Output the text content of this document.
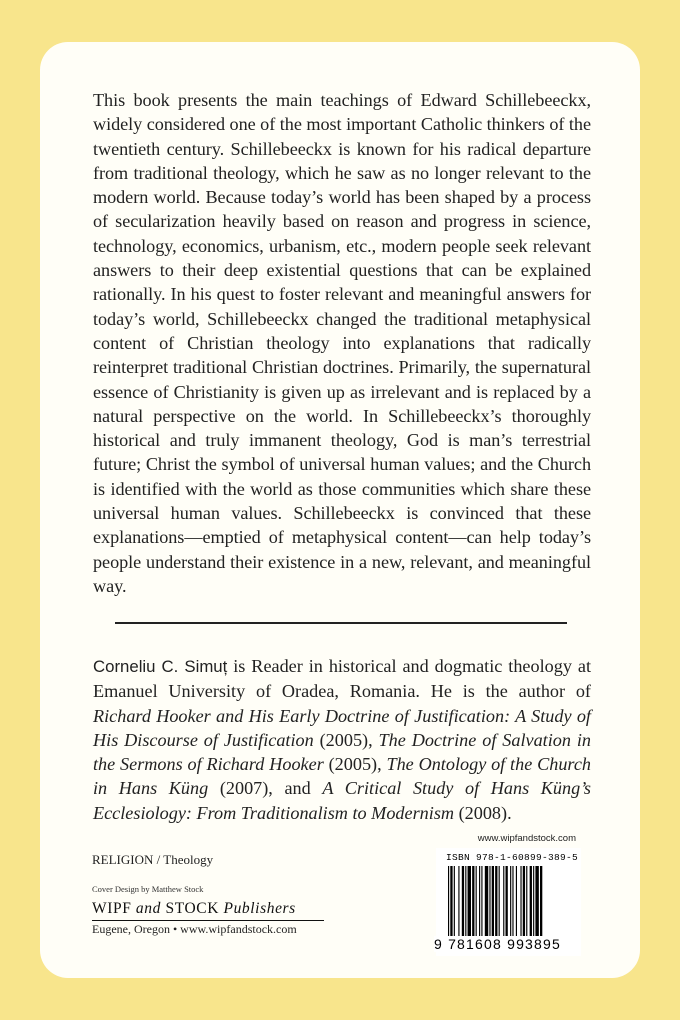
This book presents the main teachings of Edward Schillebeeckx, widely considered one of the most important Catholic thinkers of the twentieth century. Schillebeeckx is known for his radical departure from traditional theology, which he saw as no longer relevant to the modern world. Because today’s world has been shaped by a process of secularization heavily based on reason and progress in science, technology, economics, urbanism, etc., modern people seek relevant answers to their deep existential questions that can be explained rationally. In his quest to foster relevant and meaningful answers for today’s world, Schillebeeckx changed the traditional metaphysical content of Christian theology into explanations that radically reinterpret traditional Christian doctrines. Primarily, the supernatural essence of Christianity is given up as irrelevant and is replaced by a natural perspective on the world. In Schillebeeckx’s thoroughly historical and truly immanent theology, God is man’s terrestrial future; Christ the symbol of universal human values; and the Church is identified with the world as those communities which share these universal human values. Schillebeeckx is convinced that these explanations—emptied of metaphysical content—can help today’s people understand their existence in a new, relevant, and meaningful way.

Corneliu C. Simuț is Reader in historical and dogmatic theology at Emanuel University of Oradea, Romania. He is the author of Richard Hooker and His Early Doctrine of Justification: A Study of His Discourse of Justification (2005), The Doctrine of Salvation in the Sermons of Richard Hooker (2005), The Ontology of the Church in Hans Küng (2007), and A Critical Study of Hans Küng’s Ecclesiology: From Traditionalism to Modernism (2008).
RELIGION / Theology
Cover Design by Matthew Stock
WIPF and STOCK Publishers
Eugene, Oregon • www.wipfandstock.com
www.wipfandstock.com
ISBN 978-1-60899-389-5
9 781608 993895
